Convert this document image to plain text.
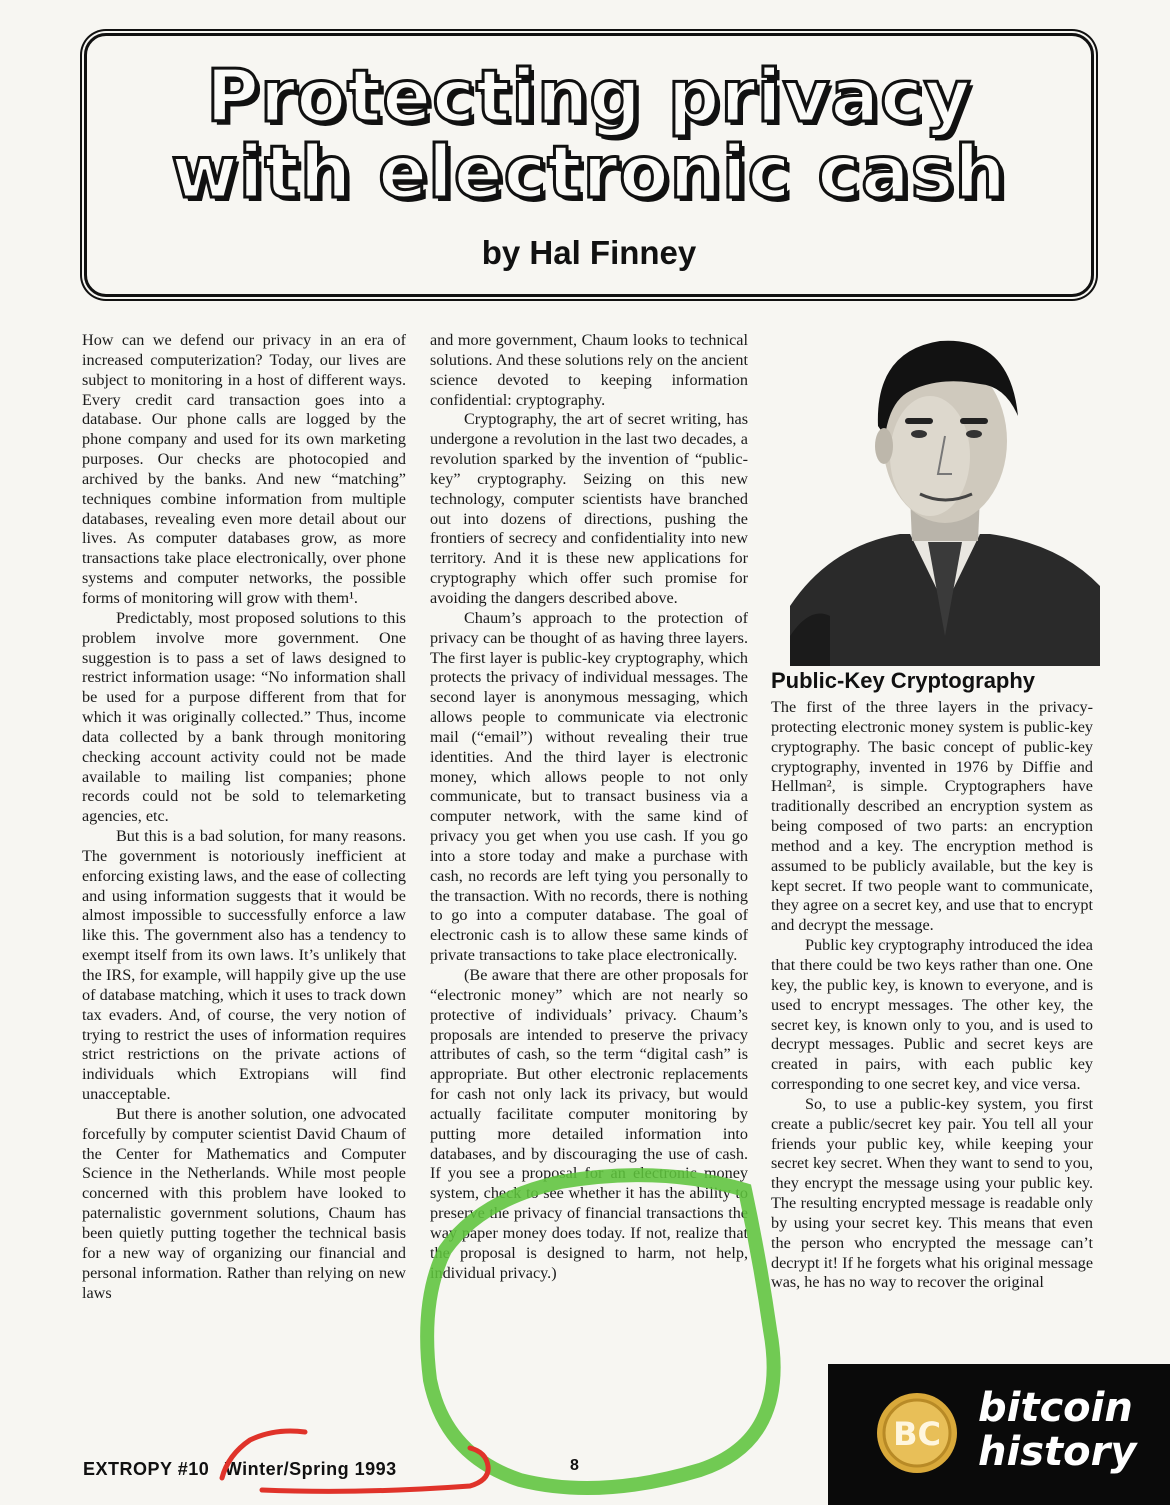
Protecting privacy
with electronic cash
by Hal Finney

How can we defend our privacy in an era of increased computerization? Today, our lives are subject to monitoring in a host of different ways. Every credit card transaction goes into a database. Our phone calls are logged by the phone company and used for its own marketing purposes. Our checks are photocopied and archived by the banks. And new “matching” techniques combine information from multiple databases, revealing even more detail about our lives. As computer databases grow, as more transactions take place electronically, over phone systems and computer networks, the possible forms of monitoring will grow with them¹.

Predictably, most proposed solutions to this problem involve more government. One suggestion is to pass a set of laws designed to restrict information usage: “No information shall be used for a purpose different from that for which it was originally collected.” Thus, income data collected by a bank through monitoring checking account activity could not be made available to mailing list companies; phone records could not be sold to telemarketing agencies, etc.

But this is a bad solution, for many reasons. The government is notoriously inefficient at enforcing existing laws, and the ease of collecting and using information suggests that it would be almost impossible to successfully enforce a law like this. The government also has a tendency to exempt itself from its own laws. It’s unlikely that the IRS, for example, will happily give up the use of database matching, which it uses to track down tax evaders. And, of course, the very notion of trying to restrict the uses of information requires strict restrictions on the private actions of individuals which Extropians will find unacceptable.

But there is another solution, one advocated forcefully by computer scientist David Chaum of the Center for Mathematics and Computer Science in the Netherlands. While most people concerned with this problem have looked to paternalistic government solutions, Chaum has been quietly putting together the technical basis for a new way of organizing our financial and personal information. Rather than relying on new laws

and more government, Chaum looks to technical solutions. And these solutions rely on the ancient science devoted to keeping information confidential: cryptography.

Cryptography, the art of secret writing, has undergone a revolution in the last two decades, a revolution sparked by the invention of “public-key” cryptography. Seizing on this new technology, computer scientists have branched out into dozens of directions, pushing the frontiers of secrecy and confidentiality into new territory. And it is these new applications for cryptography which offer such promise for avoiding the dangers described above.

Chaum’s approach to the protection of privacy can be thought of as having three layers. The first layer is public-key cryptography, which protects the privacy of individual messages. The second layer is anonymous messaging, which allows people to communicate via electronic mail (“email”) without revealing their true identities. And the third layer is electronic money, which allows people to not only communicate, but to transact business via a computer network, with the same kind of privacy you get when you use cash. If you go into a store today and make a purchase with cash, no records are left tying you personally to the transaction. With no records, there is nothing to go into a computer database. The goal of electronic cash is to allow these same kinds of private transactions to take place electronically.

(Be aware that there are other proposals for “electronic money” which are not nearly so protective of individuals’ privacy. Chaum’s proposals are intended to preserve the privacy attributes of cash, so the term “digital cash” is appropriate. But other electronic replacements for cash not only lack its privacy, but would actually facilitate computer monitoring by putting more detailed information into databases, and by discouraging the use of cash. If you see a proposal for an electronic money system, check to see whether it has the ability to preserve the privacy of financial transactions the way paper money does today. If not, realize that the proposal is designed to harm, not help, individual privacy.)

Public-Key Cryptography

The first of the three layers in the privacy-protecting electronic money system is public-key cryptography. The basic concept of public-key cryptography, invented in 1976 by Diffie and Hellman², is simple. Cryptographers have traditionally described an encryption system as being composed of two parts: an encryption method and a key. The encryption method is assumed to be publicly available, but the key is kept secret. If two people want to communicate, they agree on a secret key, and use that to encrypt and decrypt the message.

Public key cryptography introduced the idea that there could be two keys rather than one. One key, the public key, is known to everyone, and is used to encrypt messages. The other key, the secret key, is known only to you, and is used to decrypt messages. Public and secret keys are created in pairs, with each public key corresponding to one secret key, and vice versa.

So, to use a public-key system, you first create a public/secret key pair. You tell all your friends your public key, while keeping your secret key secret. When they want to send to you, they encrypt the message using your public key. The resulting encrypted message is readable only by using your secret key. This means that even the person who encrypted the message can’t decrypt it! If he forgets what his original message was, he has no way to recover the original

EXTROPY #10 Winter/Spring 1993	8
BC
bitcoin
history
